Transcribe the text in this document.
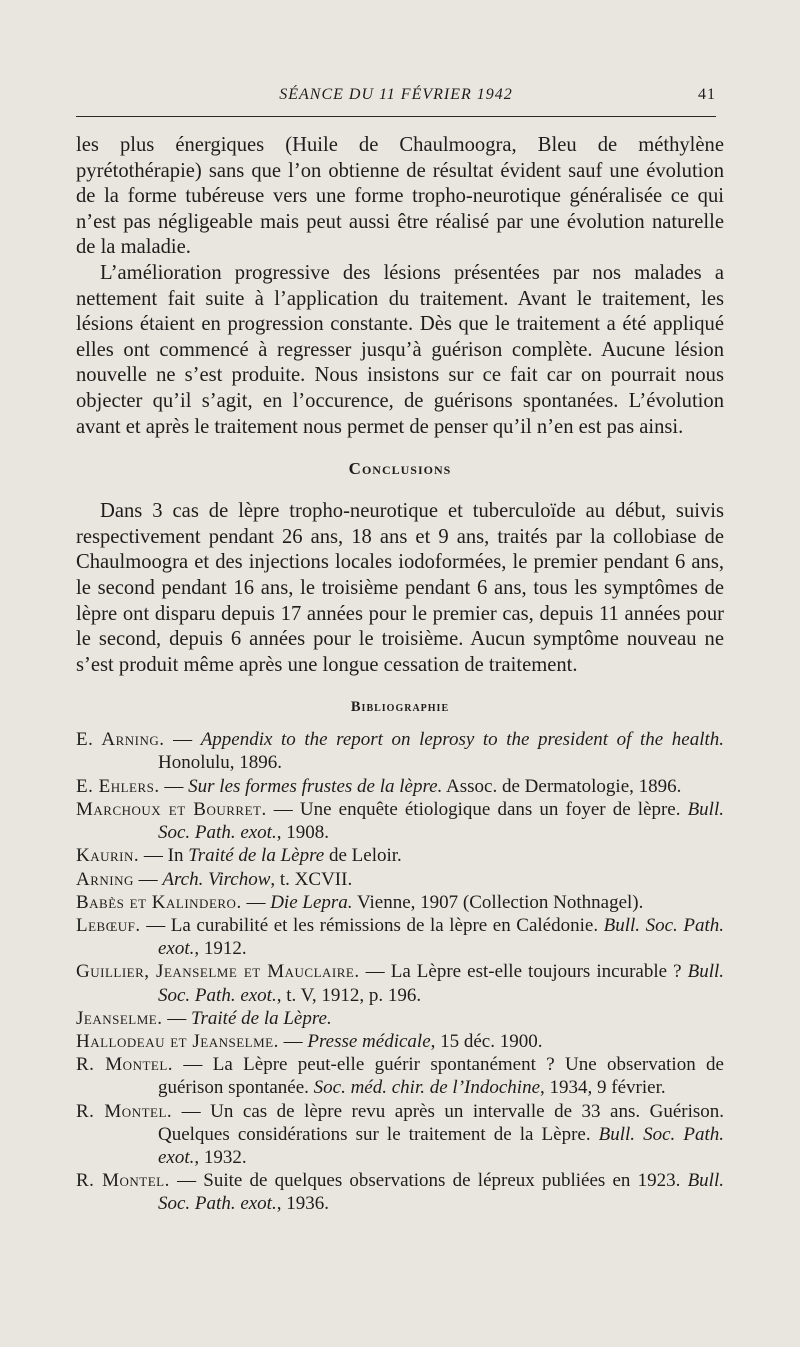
SÉANCE DU 11 FÉVRIER 1942	41

les plus énergiques (Huile de Chaulmoogra, Bleu de méthylène pyrétothérapie) sans que l’on obtienne de résultat évident sauf une évolution de la forme tubéreuse vers une forme tropho-neurotique généralisée ce qui n’est pas négligeable mais peut aussi être réalisé par une évolution naturelle de la maladie.

L’amélioration progressive des lésions présentées par nos malades a nettement fait suite à l’application du traitement. Avant le traitement, les lésions étaient en progression constante. Dès que le traitement a été appliqué elles ont commencé à regresser jusqu’à guérison complète. Aucune lésion nouvelle ne s’est produite. Nous insistons sur ce fait car on pourrait nous objecter qu’il s’agit, en l’occurence, de guérisons spontanées. L’évolution avant et après le traitement nous permet de penser qu’il n’en est pas ainsi.

Conclusions

Dans 3 cas de lèpre tropho-neurotique et tuberculoïde au début, suivis respectivement pendant 26 ans, 18 ans et 9 ans, traités par la collobiase de Chaulmoogra et des injections locales iodoformées, le premier pendant 6 ans, le second pendant 16 ans, le troisième pendant 6 ans, tous les symptômes de lèpre ont disparu depuis 17 années pour le premier cas, depuis 11 années pour le second, depuis 6 années pour le troisième. Aucun symptôme nouveau ne s’est produit même après une longue cessation de traitement.

Bibliographie
E. Arning. — Appendix to the report on leprosy to the president of the health. Honolulu, 1896.
E. Ehlers. — Sur les formes frustes de la lèpre. Assoc. de Dermatologie, 1896.
Marchoux et Bourret. — Une enquête étiologique dans un foyer de lèpre. Bull. Soc. Path. exot., 1908.
Kaurin. — In Traité de la Lèpre de Leloir.
Arning — Arch. Virchow, t. XCVII.
Babès et Kalindero. — Die Lepra. Vienne, 1907 (Collection Nothnagel).
Lebœuf. — La curabilité et les rémissions de la lèpre en Calédonie. Bull. Soc. Path. exot., 1912.
Guillier, Jeanselme et Mauclaire. — La Lèpre est-elle toujours incurable ? Bull. Soc. Path. exot., t. V, 1912, p. 196.
Jeanselme. — Traité de la Lèpre.
Hallodeau et Jeanselme. — Presse médicale, 15 déc. 1900.
R. Montel. — La Lèpre peut-elle guérir spontanément ? Une observation de guérison spontanée. Soc. méd. chir. de l’Indochine, 1934, 9 février.
R. Montel. — Un cas de lèpre revu après un intervalle de 33 ans. Guérison. Quelques considérations sur le traitement de la Lèpre. Bull. Soc. Path. exot., 1932.
R. Montel. — Suite de quelques observations de lépreux publiées en 1923. Bull. Soc. Path. exot., 1936.
